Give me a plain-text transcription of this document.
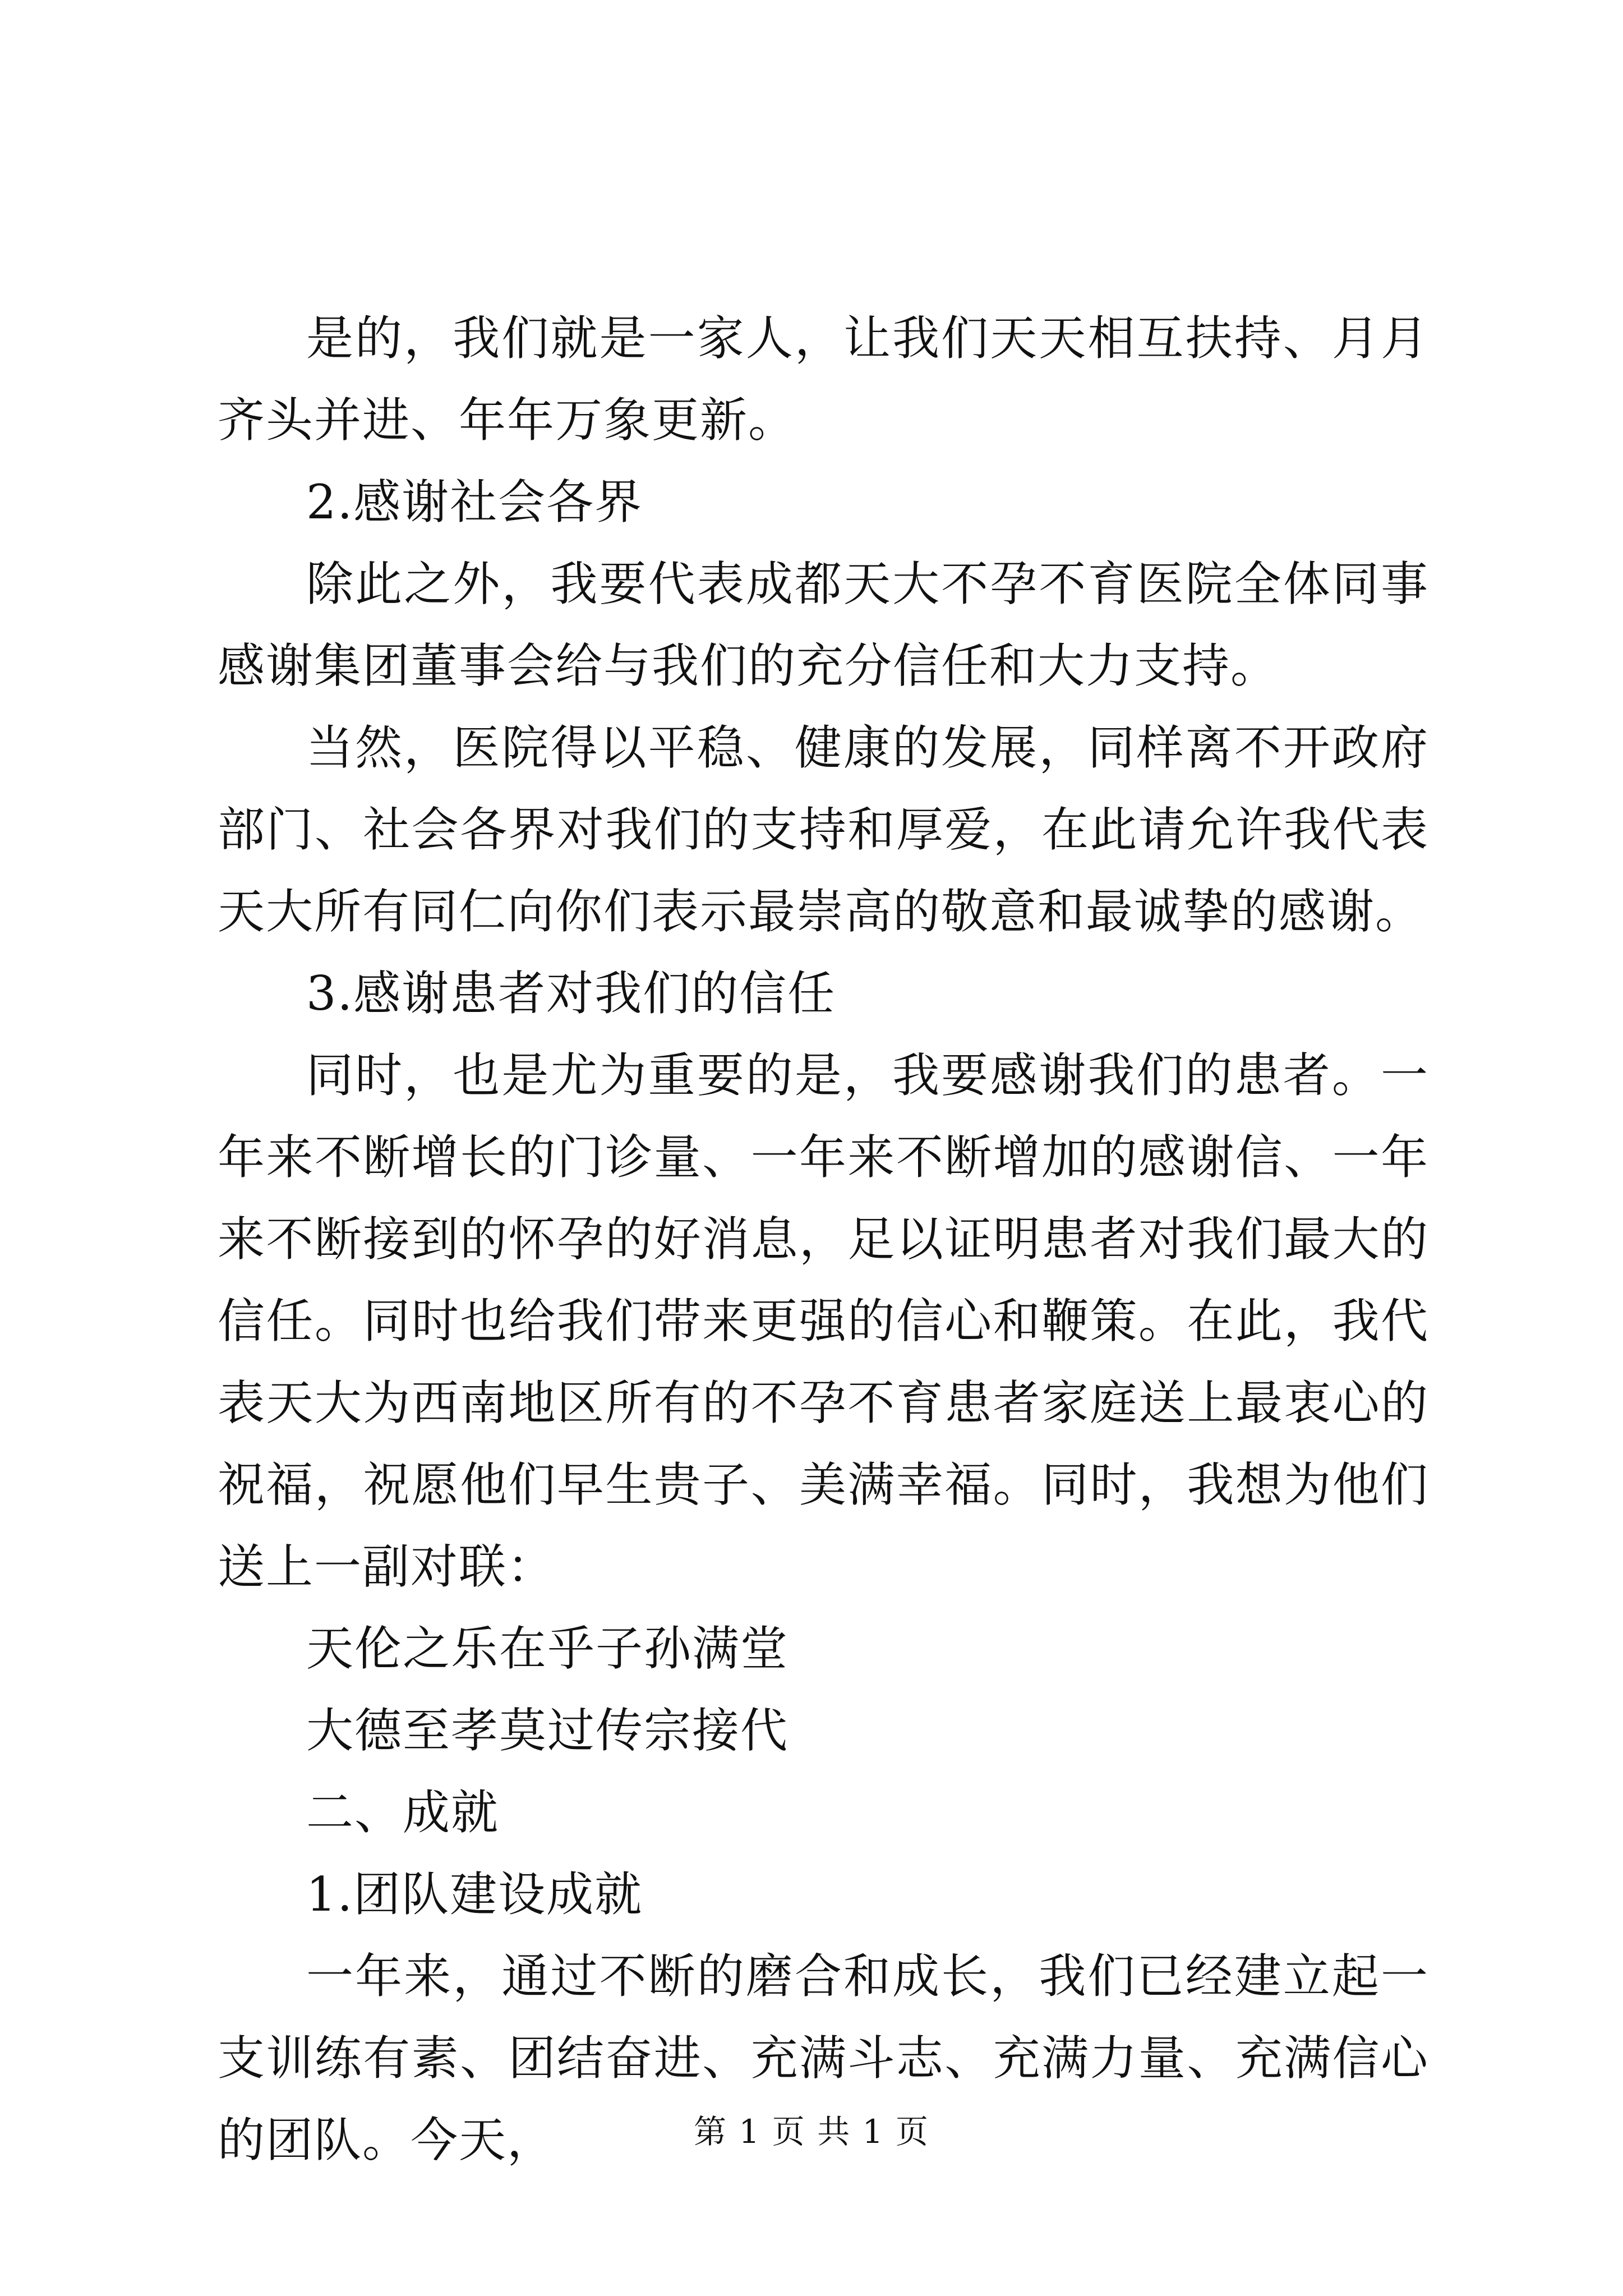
是的，我们就是一家人，让我们天天相互扶持、月月齐头并进、年年万象更新。

2.感谢社会各界

除此之外，我要代表成都天大不孕不育医院全体同事感谢集团董事会给与我们的充分信任和大力支持。

当然，医院得以平稳、健康的发展，同样离不开政府部门、社会各界对我们的支持和厚爱，在此请允许我代表天大所有同仁向你们表示最崇高的敬意和最诚挚的感谢。

3.感谢患者对我们的信任

同时，也是尤为重要的是，我要感谢我们的患者。一年来不断增长的门诊量、一年来不断增加的感谢信、一年来不断接到的怀孕的好消息，足以证明患者对我们最大的信任。同时也给我们带来更强的信心和鞭策。在此，我代表天大为西南地区所有的不孕不育患者家庭送上最衷心的祝福，祝愿他们早生贵子、美满幸福。同时，我想为他们送上一副对联：

天伦之乐在乎子孙满堂

大德至孝莫过传宗接代

二、成就

1.团队建设成就

一年来，通过不断的磨合和成长，我们已经建立起一支训练有素、团结奋进、充满斗志、充满力量、充满信心的团队。今天，	第 1 页 共 1 页
